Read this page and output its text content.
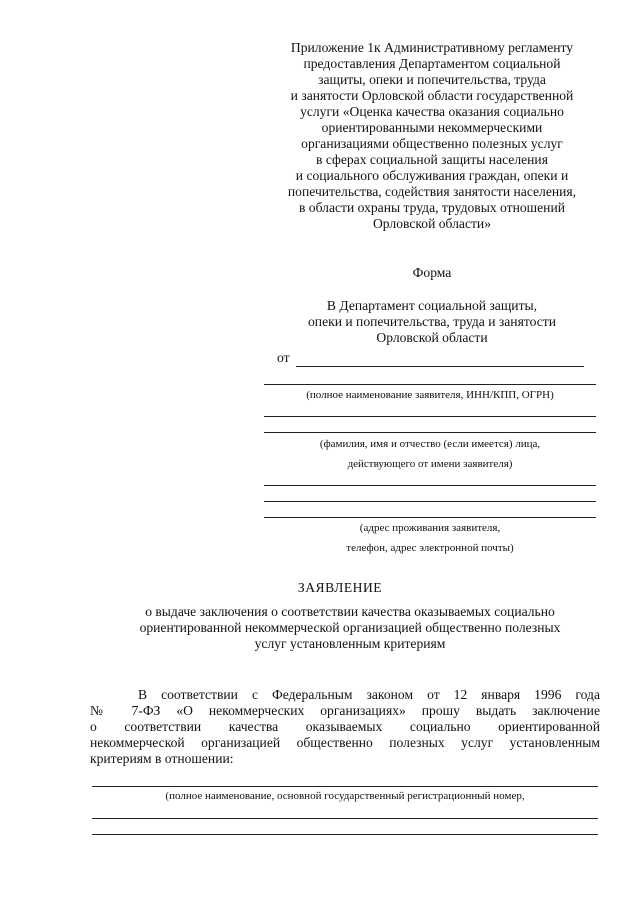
Приложение 1к Административному регламенту
предоставления Департаментом социальной
защиты, опеки и попечительства, труда
и занятости Орловской области государственной
услуги «Оценка качества оказания социально
ориентированными некоммерческими
организациями общественно полезных услуг
в сферах социальной защиты населения
и социального обслуживания граждан, опеки и
попечительства, содействия занятости населения,
в области охраны труда, трудовых отношений
Орловской области»
Форма
В Департамент социальной защиты,
опеки и попечительства, труда и занятости
Орловской области
от
(полное наименование заявителя, ИНН/КПП, ОГРН)
(фамилия, имя и отчество (если имеется) лица,
действующего от имени заявителя)
(адрес проживания заявителя,
телефон, адрес электронной почты)
ЗАЯВЛЕНИЕ
о выдаче заключения о соответствии качества оказываемых социально
ориентированной некоммерческой организацией общественно полезных
услуг установленным критериям
В соответствии с Федеральным законом от 12 января 1996 года
№ 7-ФЗ «О некоммерческих организациях» прошу выдать заключение
о соответствии качества оказываемых социально ориентированной
некоммерческой организацией общественно полезных услуг установленным
критериям в отношении:
(полное наименование, основной государственный регистрационный номер,
